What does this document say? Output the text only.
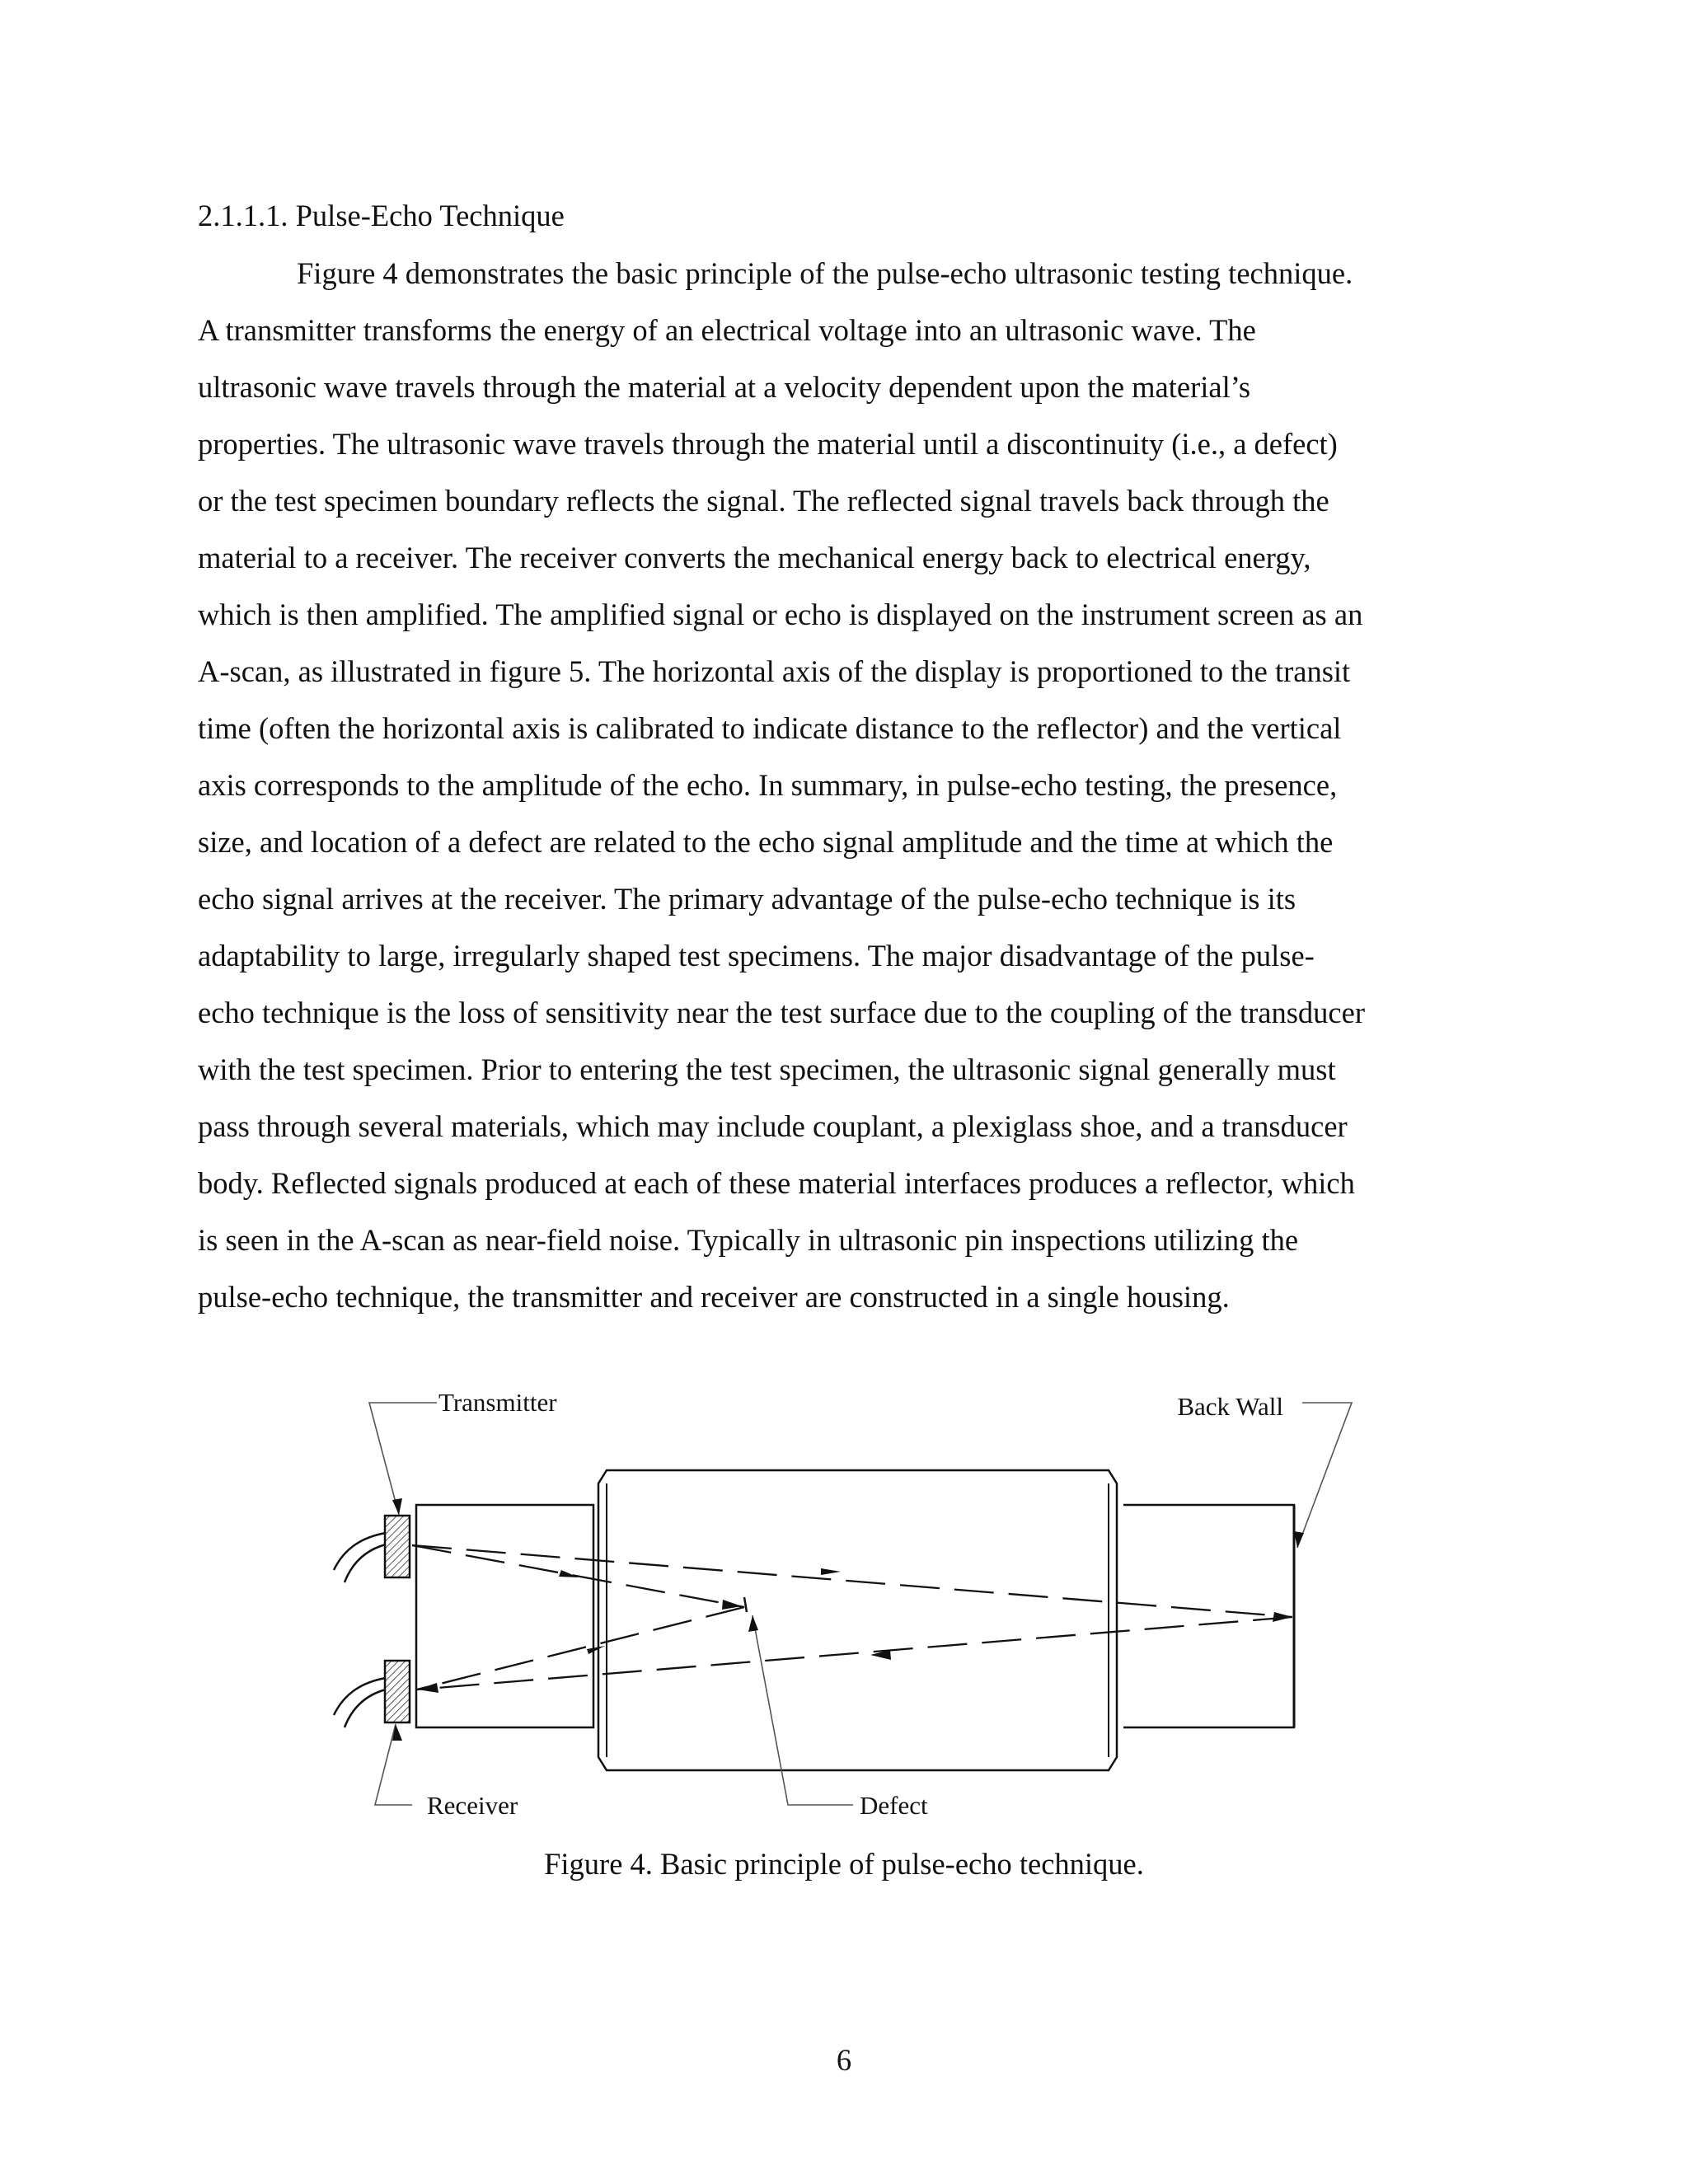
2.1.1.1. Pulse-Echo Technique
Figure 4 demonstrates the basic principle of the pulse-echo ultrasonic testing technique.
A transmitter transforms the energy of an electrical voltage into an ultrasonic wave. The
ultrasonic wave travels through the material at a velocity dependent upon the material’s
properties. The ultrasonic wave travels through the material until a discontinuity (i.e., a defect)
or the test specimen boundary reflects the signal. The reflected signal travels back through the
material to a receiver. The receiver converts the mechanical energy back to electrical energy,
which is then amplified. The amplified signal or echo is displayed on the instrument screen as an
A-scan, as illustrated in figure 5. The horizontal axis of the display is proportioned to the transit
time (often the horizontal axis is calibrated to indicate distance to the reflector) and the vertical
axis corresponds to the amplitude of the echo. In summary, in pulse-echo testing, the presence,
size, and location of a defect are related to the echo signal amplitude and the time at which the
echo signal arrives at the receiver. The primary advantage of the pulse-echo technique is its
adaptability to large, irregularly shaped test specimens. The major disadvantage of the pulse-
echo technique is the loss of sensitivity near the test surface due to the coupling of the transducer
with the test specimen. Prior to entering the test specimen, the ultrasonic signal generally must
pass through several materials, which may include couplant, a plexiglass shoe, and a transducer
body. Reflected signals produced at each of these material interfaces produces a reflector, which
is seen in the A-scan as near-field noise. Typically in ultrasonic pin inspections utilizing the
pulse-echo technique, the transmitter and receiver are constructed in a single housing.
Transmitter	Back Wall
Receiver	Defect
Figure 4. Basic principle of pulse-echo technique.
6
